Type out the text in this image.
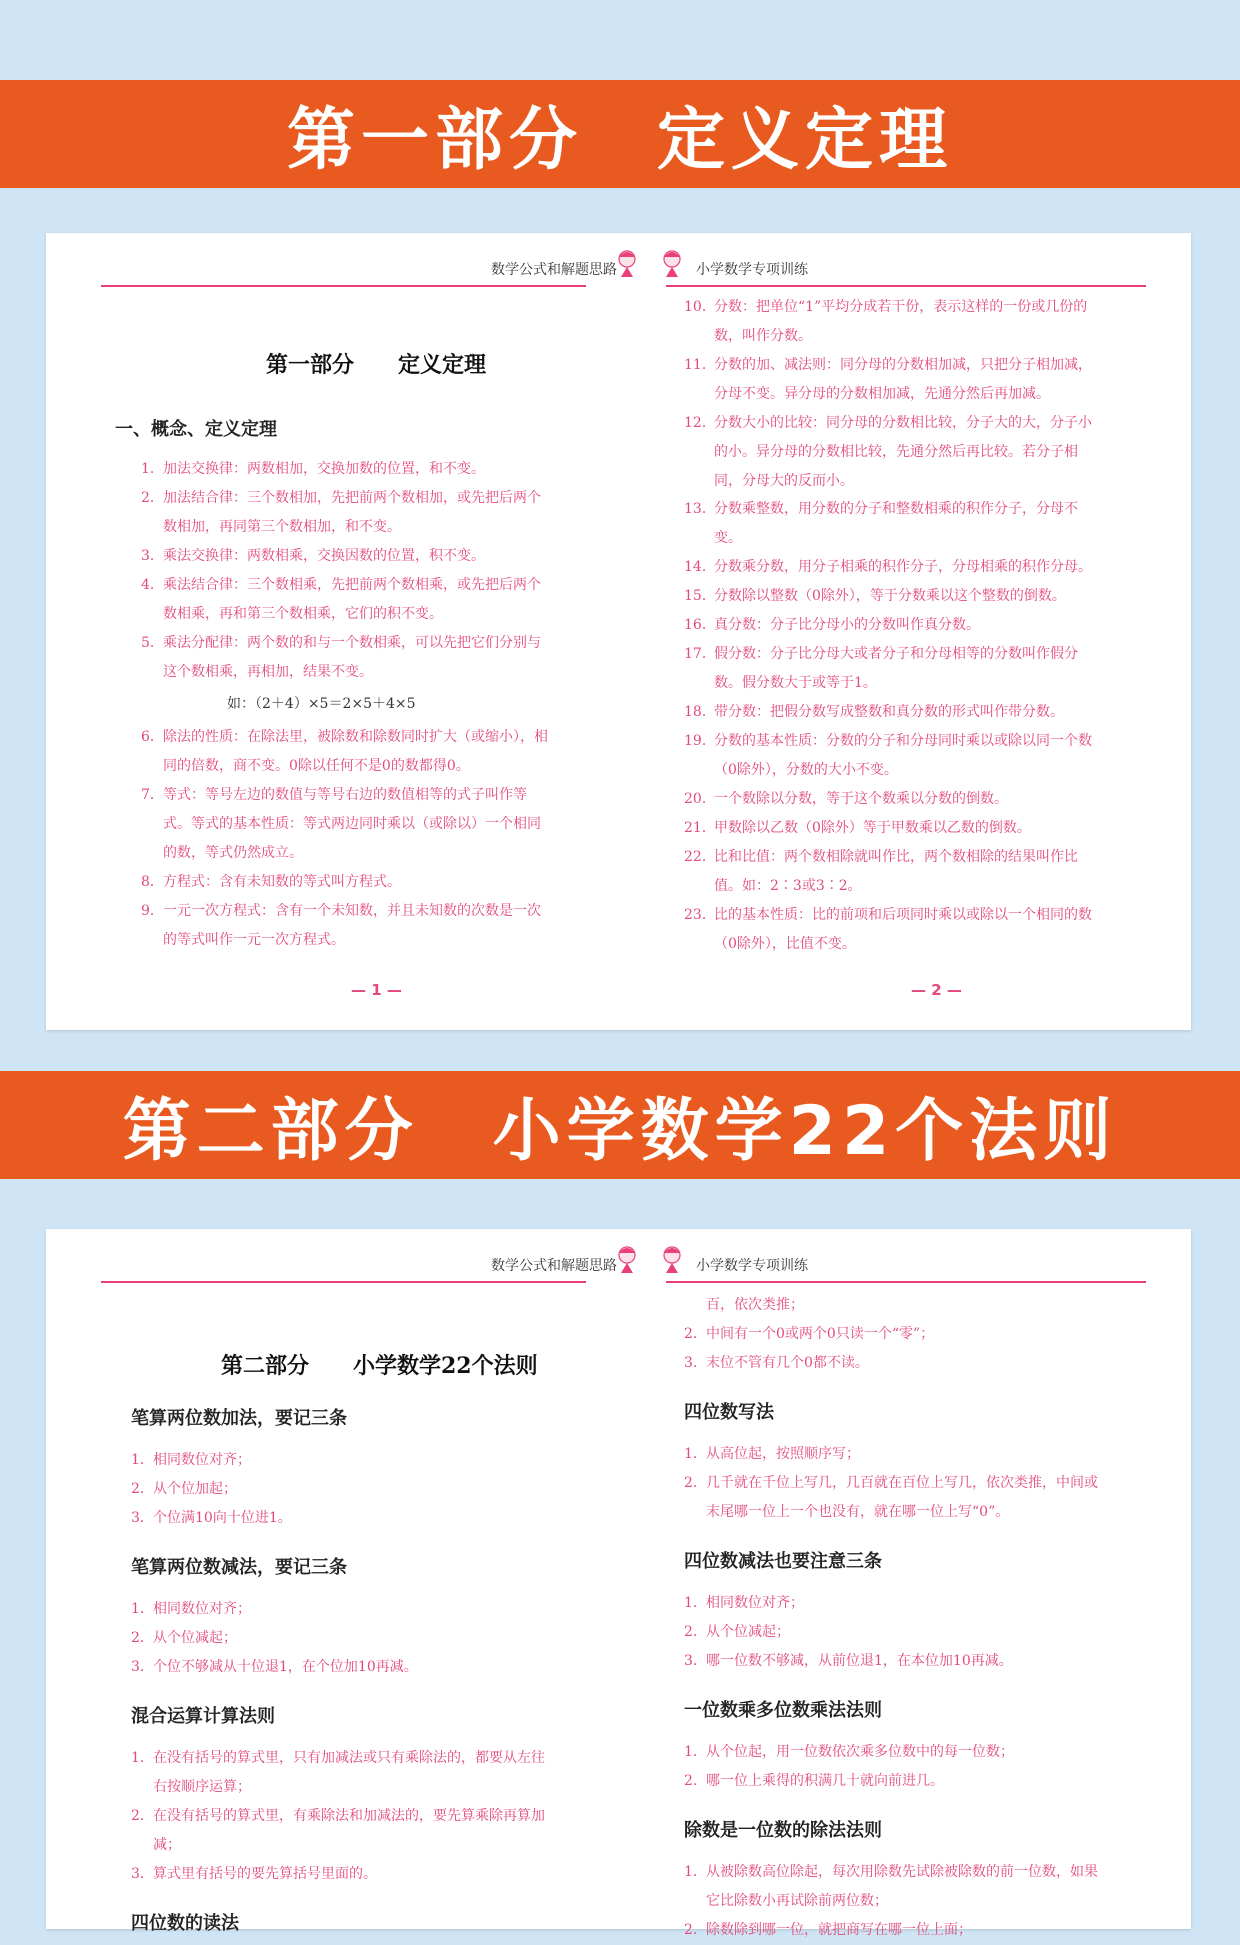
第一部分　定义定理
数学公式和解题思路
第一部分　　定义定理
一、概念、定义定理
1． 加法交换律：两数相加，交换加数的位置，和不变。
2． 加法结合律：三个数相加，先把前两个数相加，或先把后两个数相加，再同第三个数相加，和不变。
3． 乘法交换律：两数相乘，交换因数的位置，积不变。
4． 乘法结合律：三个数相乘，先把前两个数相乘，或先把后两个数相乘，再和第三个数相乘，它们的积不变。
5． 乘法分配律：两个数的和与一个数相乘，可以先把它们分别与这个数相乘，再相加，结果不变。
6． 除法的性质：在除法里，被除数和除数同时扩大（或缩小），相同的倍数，商不变。0除以任何不是0的数都得0。
7． 等式：等号左边的数值与等号右边的数值相等的式子叫作等式。等式的基本性质：等式两边同时乘以（或除以）一个相同的数，等式仍然成立。
8． 方程式：含有未知数的等式叫方程式。
9． 一元一次方程式：含有一个未知数，并且未知数的次数是一次的等式叫作一元一次方程式。
如：（2＋4）×5＝2×5＋4×5
— 1 —
小学数学专项训练
10．
分数：把单位“1”平均分成若干份，表示这样的一份或几份的数，叫作分数。
11．
分数的加、减法则：同分母的分数相加减，只把分子相加减，分母不变。异分母的分数相加减，先通分然后再加减。
12．
分数大小的比较：同分母的分数相比较，分子大的大，分子小的小。异分母的分数相比较，先通分然后再比较。若分子相同，分母大的反而小。
13．
分数乘整数，用分数的分子和整数相乘的积作分子，分母不变。
14．
分数乘分数，用分子相乘的积作分子，分母相乘的积作分母。
15．
分数除以整数（0除外），等于分数乘以这个整数的倒数。
16．
真分数：分子比分母小的分数叫作真分数。
17．
假分数：分子比分母大或者分子和分母相等的分数叫作假分数。假分数大于或等于1。
18．
带分数：把假分数写成整数和真分数的形式叫作带分数。
19．
分数的基本性质：分数的分子和分母同时乘以或除以同一个数（0除外），分数的大小不变。
20．
一个数除以分数，等于这个数乘以分数的倒数。
21．
甲数除以乙数（0除外）等于甲数乘以乙数的倒数。
22．
比和比值：两个数相除就叫作比，两个数相除的结果叫作比值。如：2∶3或3∶2。
23．
比的基本性质：比的前项和后项同时乘以或除以一个相同的数（0除外），比值不变。
— 2 —
第二部分　小学数学22个法则
数学公式和解题思路
第二部分　　小学数学22个法则
笔算两位数加法，要记三条
1． 相同数位对齐；
2． 从个位加起；
3． 个位满10向十位进1。
笔算两位数减法，要记三条
1． 相同数位对齐；
2． 从个位减起；
3． 个位不够减从十位退1，在个位加10再减。
混合运算计算法则
1． 在没有括号的算式里，只有加减法或只有乘除法的，都要从左往右按顺序运算；
2． 在没有括号的算式里，有乘除法和加减法的，要先算乘除再算加减；
3． 算式里有括号的要先算括号里面的。
四位数的读法
小学数学专项训练
百，依次类推；
2． 中间有一个0或两个0只读一个“零”；
3． 末位不管有几个0都不读。
四位数写法
1． 从高位起，按照顺序写；
2． 几千就在千位上写几，几百就在百位上写几，依次类推，中间或末尾哪一位上一个也没有，就在哪一位上写“0”。
四位数减法也要注意三条
1． 相同数位对齐；
2． 从个位减起；
3． 哪一位数不够减，从前位退1，在本位加10再减。
一位数乘多位数乘法法则
1． 从个位起，用一位数依次乘多位数中的每一位数；
2． 哪一位上乘得的积满几十就向前进几。
除数是一位数的除法法则
1． 从被除数高位除起，每次用除数先试除被除数的前一位数，如果它比除数小再试除前两位数；
2． 除数除到哪一位，就把商写在哪一位上面；
